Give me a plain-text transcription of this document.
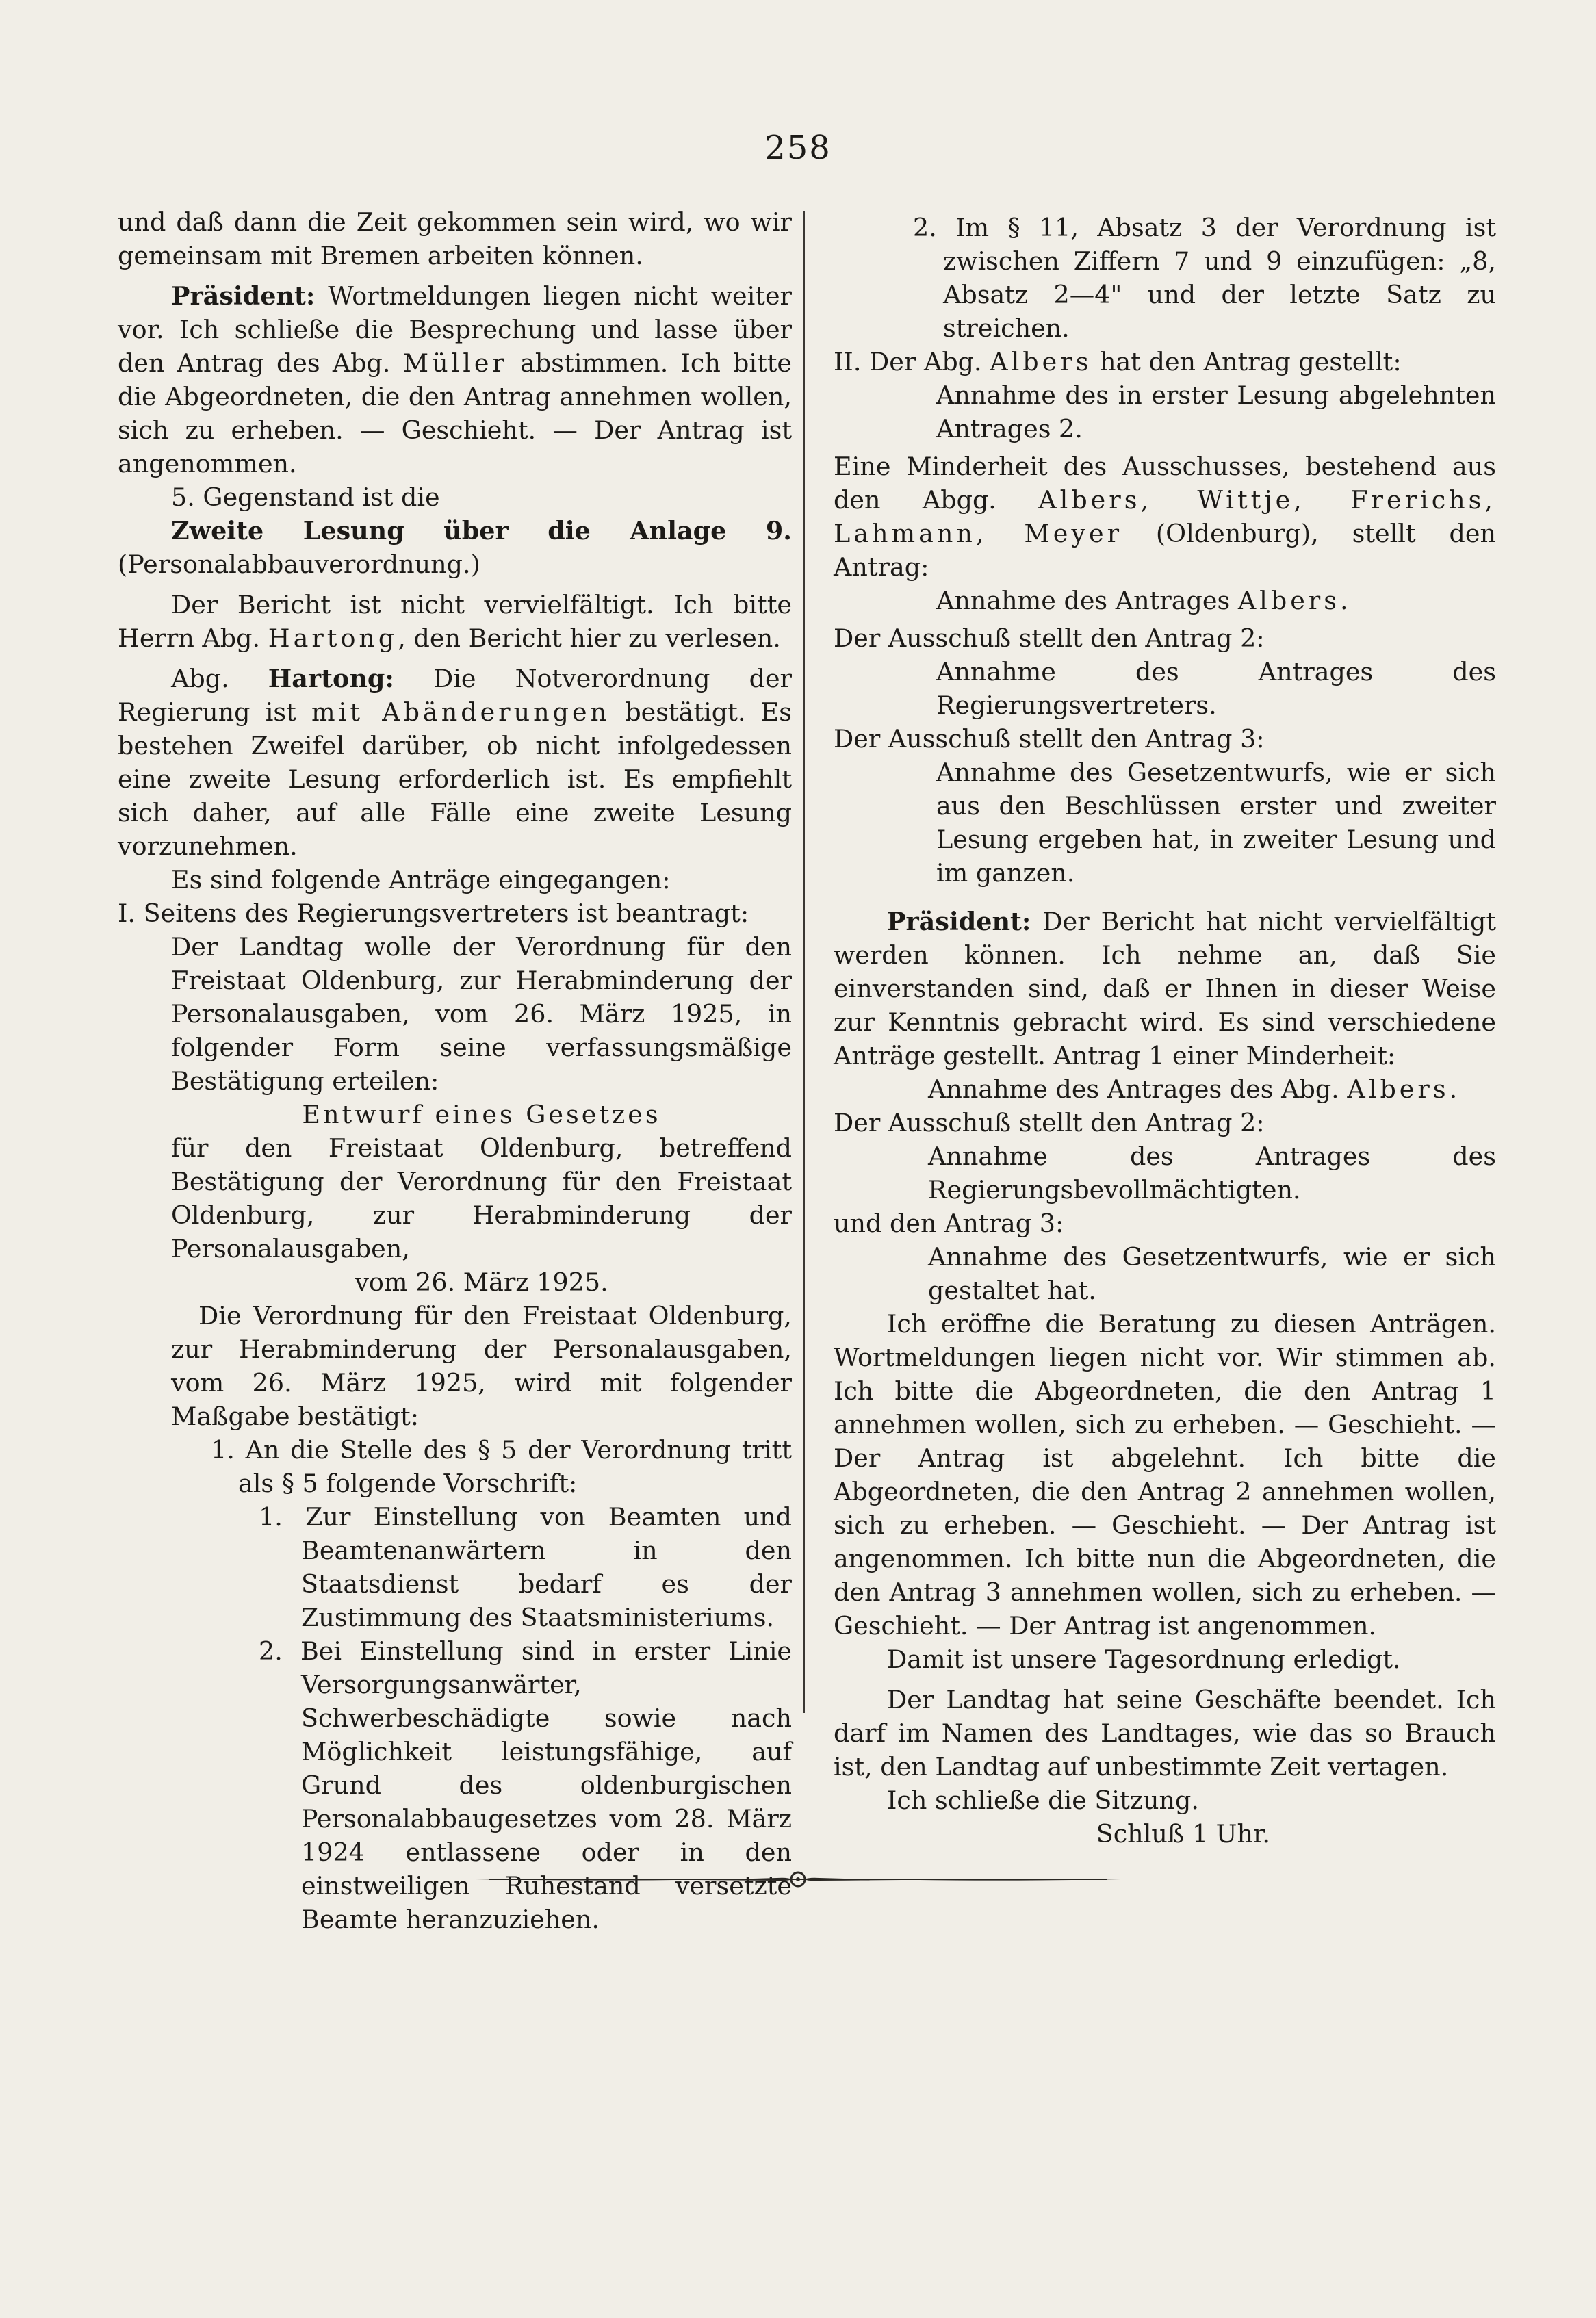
258

und daß dann die Zeit gekommen sein wird, wo wir gemeinsam mit Bremen arbeiten können.

Präsident: Wortmeldungen liegen nicht weiter vor. Ich schließe die Besprechung und lasse über den Antrag des Abg. Müller abstimmen. Ich bitte die Abgeordneten, die den Antrag annehmen wollen, sich zu erheben. — Geschieht. — Der Antrag ist angenommen.

5. Gegenstand ist die

Zweite Lesung über die Anlage 9. (Personalabbauverordnung.)

Der Bericht ist nicht vervielfältigt. Ich bitte Herrn Abg. Hartong, den Bericht hier zu verlesen.

Abg. Hartong: Die Notverordnung der Regierung ist mit Abänderungen bestätigt. Es bestehen Zweifel darüber, ob nicht infolgedessen eine zweite Lesung erforderlich ist. Es empfiehlt sich daher, auf alle Fälle eine zweite Lesung vorzunehmen.

Es sind folgende Anträge eingegangen:

I. Seitens des Regierungsvertreters ist beantragt:

Der Landtag wolle der Verordnung für den Freistaat Oldenburg, zur Herabminderung der Personalausgaben, vom 26. März 1925, in folgender Form seine verfassungsmäßige Bestätigung erteilen:

Entwurf eines Gesetzes

für den Freistaat Oldenburg, betreffend Bestätigung der Verordnung für den Freistaat Oldenburg, zur Herabminderung der Personalausgaben,

vom 26. März 1925.

Die Verordnung für den Freistaat Oldenburg, zur Herabminderung der Personalausgaben, vom 26. März 1925, wird mit folgender Maßgabe bestätigt:

1. An die Stelle des § 5 der Verordnung tritt als § 5 folgende Vorschrift:

1. Zur Einstellung von Beamten und Beamtenanwärtern in den Staatsdienst bedarf es der Zustimmung des Staatsministeriums.

2. Bei Einstellung sind in erster Linie Versorgungsanwärter, Schwerbeschädigte sowie nach Möglichkeit leistungsfähige, auf Grund des oldenburgischen Personalabbaugesetzes vom 28. März 1924 entlassene oder in den einstweiligen Ruhestand versetzte Beamte heranzuziehen.

2. Im § 11, Absatz 3 der Verordnung ist zwischen Ziffern 7 und 9 einzufügen: „8, Absatz 2—4" und der letzte Satz zu streichen.

II. Der Abg. Albers hat den Antrag gestellt:

Annahme des in erster Lesung abgelehnten Antrages 2.

Eine Minderheit des Ausschusses, bestehend aus den Abgg. Albers, Wittje, Frerichs, Lahmann, Meyer (Oldenburg), stellt den Antrag:

Annahme des Antrages Albers.

Der Ausschuß stellt den Antrag 2:

Annahme des Antrages des Regierungsvertreters.

Der Ausschuß stellt den Antrag 3:

Annahme des Gesetzentwurfs, wie er sich aus den Beschlüssen erster und zweiter Lesung ergeben hat, in zweiter Lesung und im ganzen.

Präsident: Der Bericht hat nicht vervielfältigt werden können. Ich nehme an, daß Sie einverstanden sind, daß er Ihnen in dieser Weise zur Kenntnis gebracht wird. Es sind verschiedene Anträge gestellt. Antrag 1 einer Minderheit:

Annahme des Antrages des Abg. Albers.

Der Ausschuß stellt den Antrag 2:

Annahme des Antrages des Regierungsbevollmächtigten.

und den Antrag 3:

Annahme des Gesetzentwurfs, wie er sich gestaltet hat.

Ich eröffne die Beratung zu diesen Anträgen. Wortmeldungen liegen nicht vor. Wir stimmen ab. Ich bitte die Abgeordneten, die den Antrag 1 annehmen wollen, sich zu erheben. — Geschieht. — Der Antrag ist abgelehnt. Ich bitte die Abgeordneten, die den Antrag 2 annehmen wollen, sich zu erheben. — Geschieht. — Der Antrag ist angenommen. Ich bitte nun die Abgeordneten, die den Antrag 3 annehmen wollen, sich zu erheben. — Geschieht. — Der Antrag ist angenommen.

Damit ist unsere Tagesordnung erledigt.

Der Landtag hat seine Geschäfte beendet. Ich darf im Namen des Landtages, wie das so Brauch ist, den Landtag auf unbestimmte Zeit vertagen.

Ich schließe die Sitzung.

Schluß 1 Uhr.
